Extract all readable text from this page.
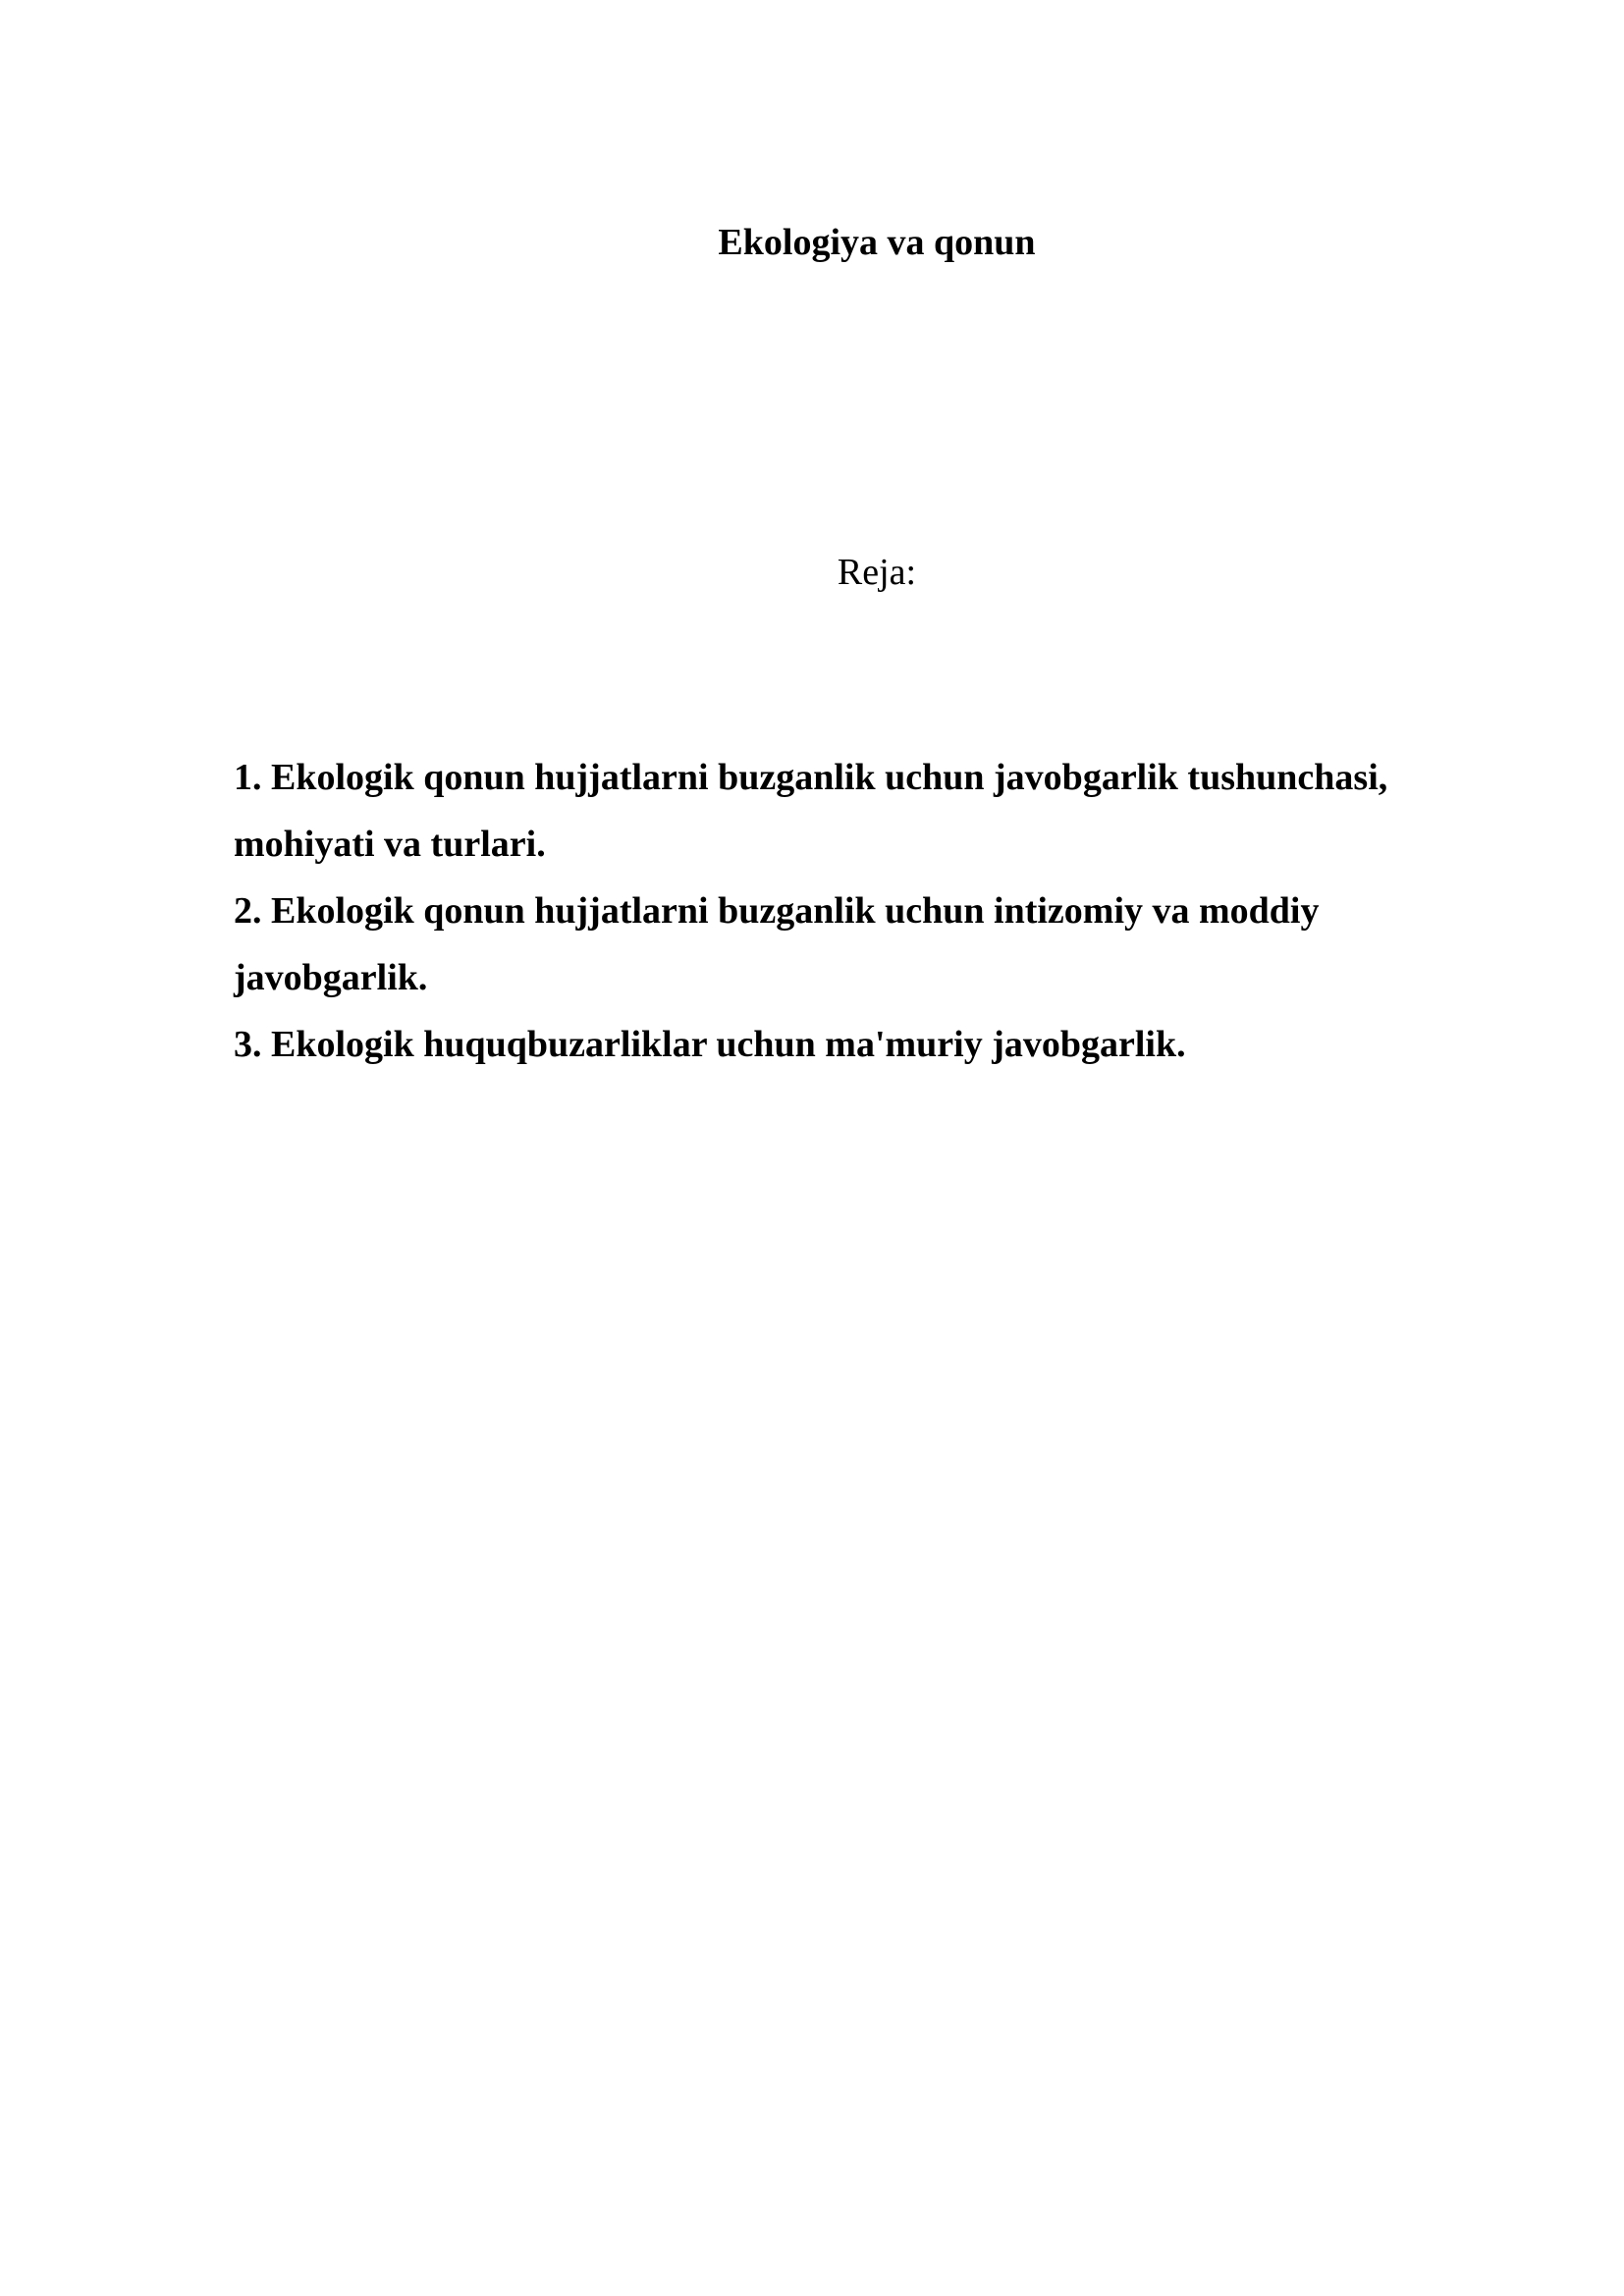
Ekologiya va qonun
Reja:
1. Ekologik qonun hujjatlarni buzganlik uchun javobgarlik tushunchasi, mohiyati va turlari.
2. Ekologik qonun hujjatlarni buzganlik uchun intizomiy va moddiy javobgarlik.
3. Ekologik huquqbuzarliklar uchun ma'muriy javobgarlik.
